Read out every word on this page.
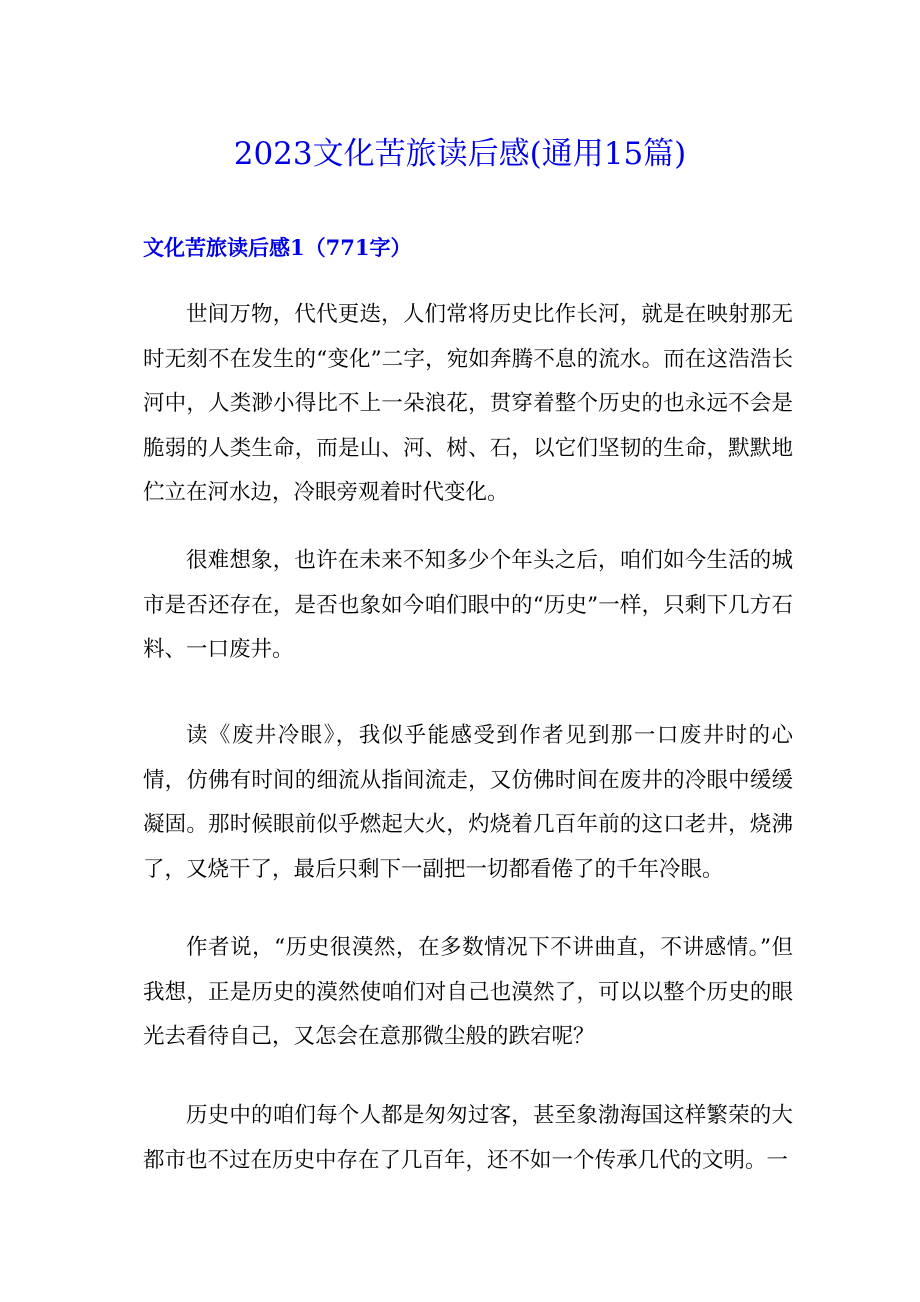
2023文化苦旅读后感(通用15篇)
文化苦旅读后感1（771字）

世间万物，代代更迭，人们常将历史比作长河，就是在映射那无时无刻不在发生的“变化”二字，宛如奔腾不息的流水。而在这浩浩长河中，人类渺小得比不上一朵浪花，贯穿着整个历史的也永远不会是脆弱的人类生命，而是山、河、树、石，以它们坚韧的生命，默默地伫立在河水边，冷眼旁观着时代变化。

很难想象，也许在未来不知多少个年头之后，咱们如今生活的城市是否还存在，是否也象如今咱们眼中的“历史”一样，只剩下几方石料、一口废井。

读《废井冷眼》，我似乎能感受到作者见到那一口废井时的心情，仿佛有时间的细流从指间流走，又仿佛时间在废井的冷眼中缓缓凝固。那时候眼前似乎燃起大火，灼烧着几百年前的这口老井，烧沸了，又烧干了，最后只剩下一副把一切都看倦了的千年冷眼。

作者说，“历史很漠然，在多数情况下不讲曲直，不讲感情。”但我想，正是历史的漠然使咱们对自己也漠然了，可以以整个历史的眼光去看待自己，又怎会在意那微尘般的跌宕呢？

历史中的咱们每个人都是匆匆过客，甚至象渤海国这样繁荣的大都市也不过在历史中存在了几百年，还不如一个传承几代的文明。一
